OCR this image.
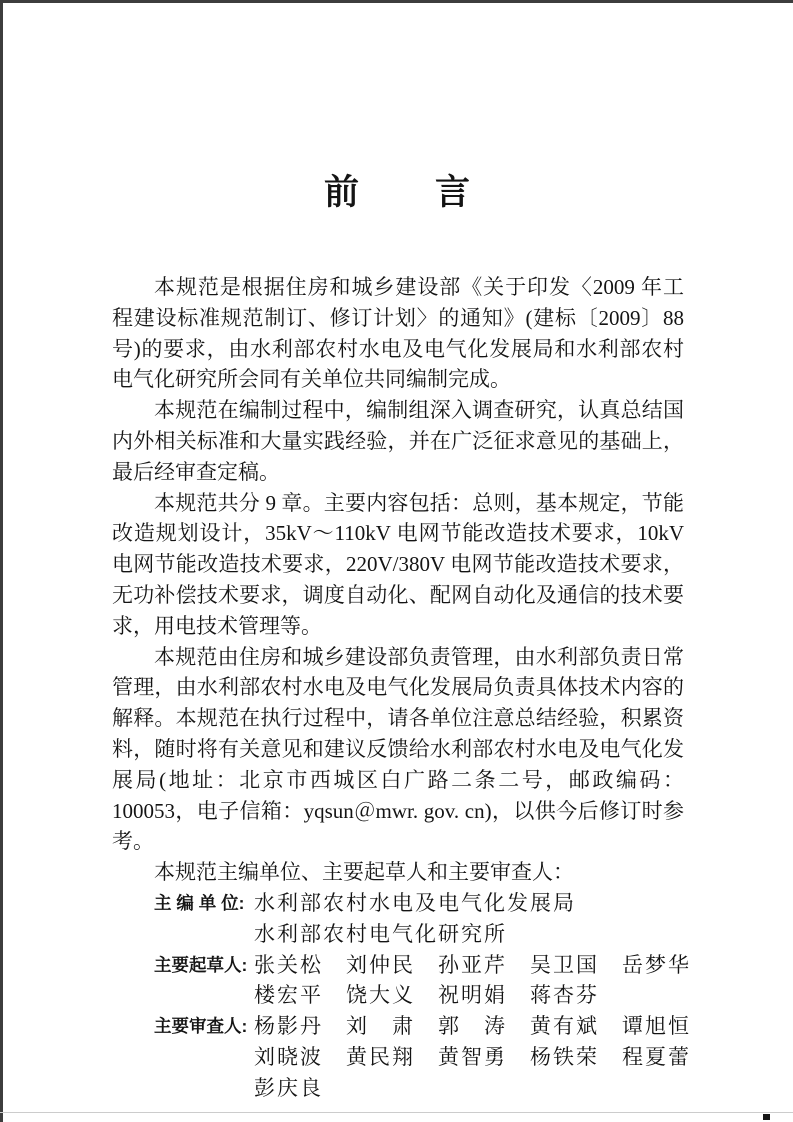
前　　言

本规范是根据住房和城乡建设部《关于印发〈2009 年工程建设标准规范制订、修订计划〉的通知》(建标〔2009〕88 号)的要求，由水利部农村水电及电气化发展局和水利部农村电气化研究所会同有关单位共同编制完成。

本规范在编制过程中，编制组深入调查研究，认真总结国内外相关标准和大量实践经验，并在广泛征求意见的基础上，最后经审查定稿。

本规范共分 9 章。主要内容包括：总则，基本规定，节能改造规划设计，35kV～110kV 电网节能改造技术要求，10kV 电网节能改造技术要求，220V/380V 电网节能改造技术要求，无功补偿技术要求，调度自动化、配网自动化及通信的技术要求，用电技术管理等。

本规范由住房和城乡建设部负责管理，由水利部负责日常管理，由水利部农村水电及电气化发展局负责具体技术内容的解释。本规范在执行过程中，请各单位注意总结经验，积累资料，随时将有关意见和建议反馈给水利部农村水电及电气化发展局(地址：北京市西城区白广路二条二号，邮政编码：100053，电子信箱：yqsun＠mwr. gov. cn)，以供今后修订时参考。

本规范主编单位、主要起草人和主要审查人：

主 编 单 位: 水利部农村水电及电气化发展局
水利部农村电气化研究所
主要起草人: 张关松　刘仲民　孙亚芹　吴卫国　岳梦华
楼宏平　饶大义　祝明娟　蒋杏芬
主要审查人: 杨影丹　刘　肃　郭　涛　黄有斌　谭旭恒
刘晓波　黄民翔　黄智勇　杨铁荣　程夏蕾
彭庆良
